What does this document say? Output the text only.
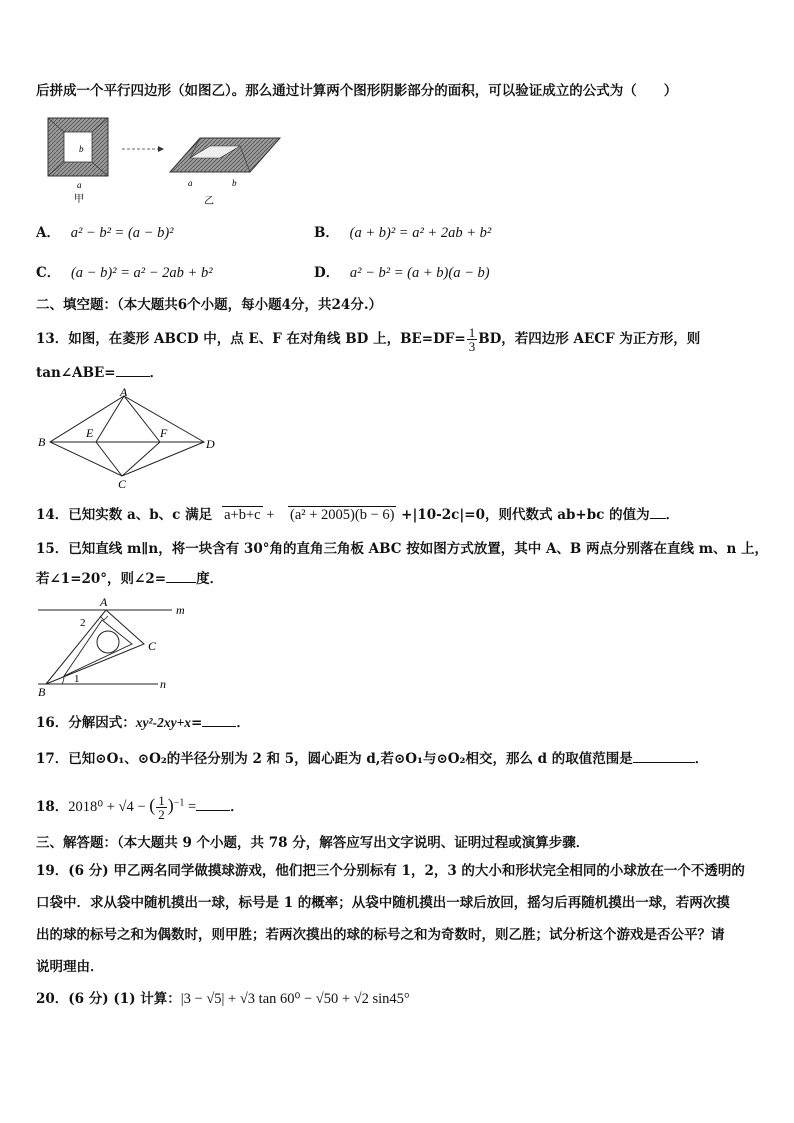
后拼成一个平行四边形（如图乙）。那么通过计算两个图形阴影部分的面积，可以验证成立的公式为（　　）
b
a
甲
a	b
乙
A． a² − b² = (a − b)²	B． (a + b)² = a² + 2ab + b²
C． (a − b)² = a² − 2ab + b²	D． a² − b² = (a + b)(a − b)
二、填空题：（本大题共6个小题，每小题4分，共24分.）
13．如图，在菱形 ABCD 中，点 E、F 在对角线 BD 上，$BE=DF= \frac{1}{3}$ BD，若四边形 AECF 为正方形，则
tan∠ABE=	．
A
B
C
D
E	F
14．已知实数 a、b、c 满足 a+b+c + (a² + 2005)(b − 6) +|10-2c|=0，则代数式 ab+bc 的值为 ．
15．已知直线 m∥n，将一块含有 30°角的直角三角板 ABC 按如图方式放置，其中 A、B 两点分别落在直线 m、n 上，
若∠1=20°，则∠2= 度．
A
B
C
m
n
1
2
16．分解因式：xy²-2xy+x=	．
17．已知⊙O₁、⊙O₂的半径分别为 2 和 5，圆心距为 d,若⊙O₁与⊙O₂相交，那么 d 的取值范围是	．
18．2018⁰ + √4 − ( $\frac{1}{2} )^{-1}$ =	．
三、解答题：（本大题共 9 个小题，共 78 分，解答应写出文字说明、证明过程或演算步骤．
19．(6 分) 甲乙两名同学做摸球游戏，他们把三个分别标有 1，2，3 的大小和形状完全相同的小球放在一个不透明的
口袋中．求从袋中随机摸出一球，标号是 1 的概率；从袋中随机摸出一球后放回，摇匀后再随机摸出一球，若两次摸
出的球的标号之和为偶数时，则甲胜；若两次摸出的球的标号之和为奇数时，则乙胜；试分析这个游戏是否公平？请
说明理由．
20．(6 分) (1) 计算：|3 − √5| + √3 tan 60⁰ − √50 + √2 sin45°
